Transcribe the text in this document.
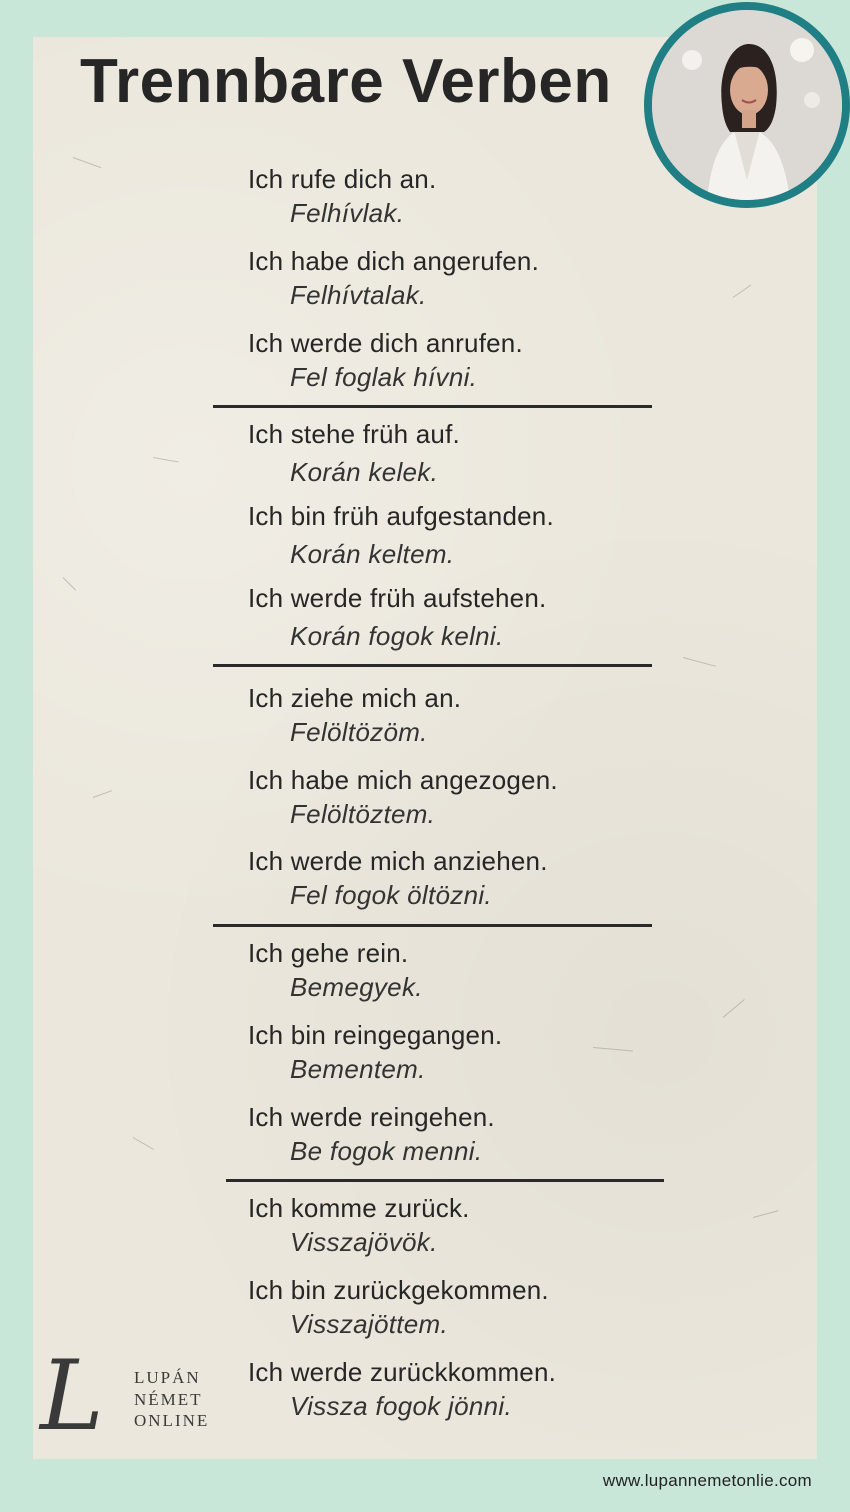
Trennbare Verben
Ich rufe dich an.
Felhívlak.
Ich habe dich angerufen.
Felhívtalak.
Ich werde dich anrufen.
Fel foglak hívni.
Ich stehe früh auf.
Korán kelek.
Ich bin früh aufgestanden.
Korán keltem.
Ich werde früh aufstehen.
Korán fogok kelni.
Ich ziehe mich an.
Felöltözöm.
Ich habe mich angezogen.
Felöltöztem.
Ich werde mich anziehen.
Fel fogok öltözni.
Ich gehe rein.
Bemegyek.
Ich bin reingegangen.
Bementem.
Ich werde reingehen.
Be fogok menni.
Ich komme zurück.
Visszajövök.
Ich bin zurückgekommen.
Visszajöttem.
Ich werde zurückkommen.
Vissza fogok jönni.
L LUPÁN
NÉMET
ONLINE
www.lupannemetonlie.com
